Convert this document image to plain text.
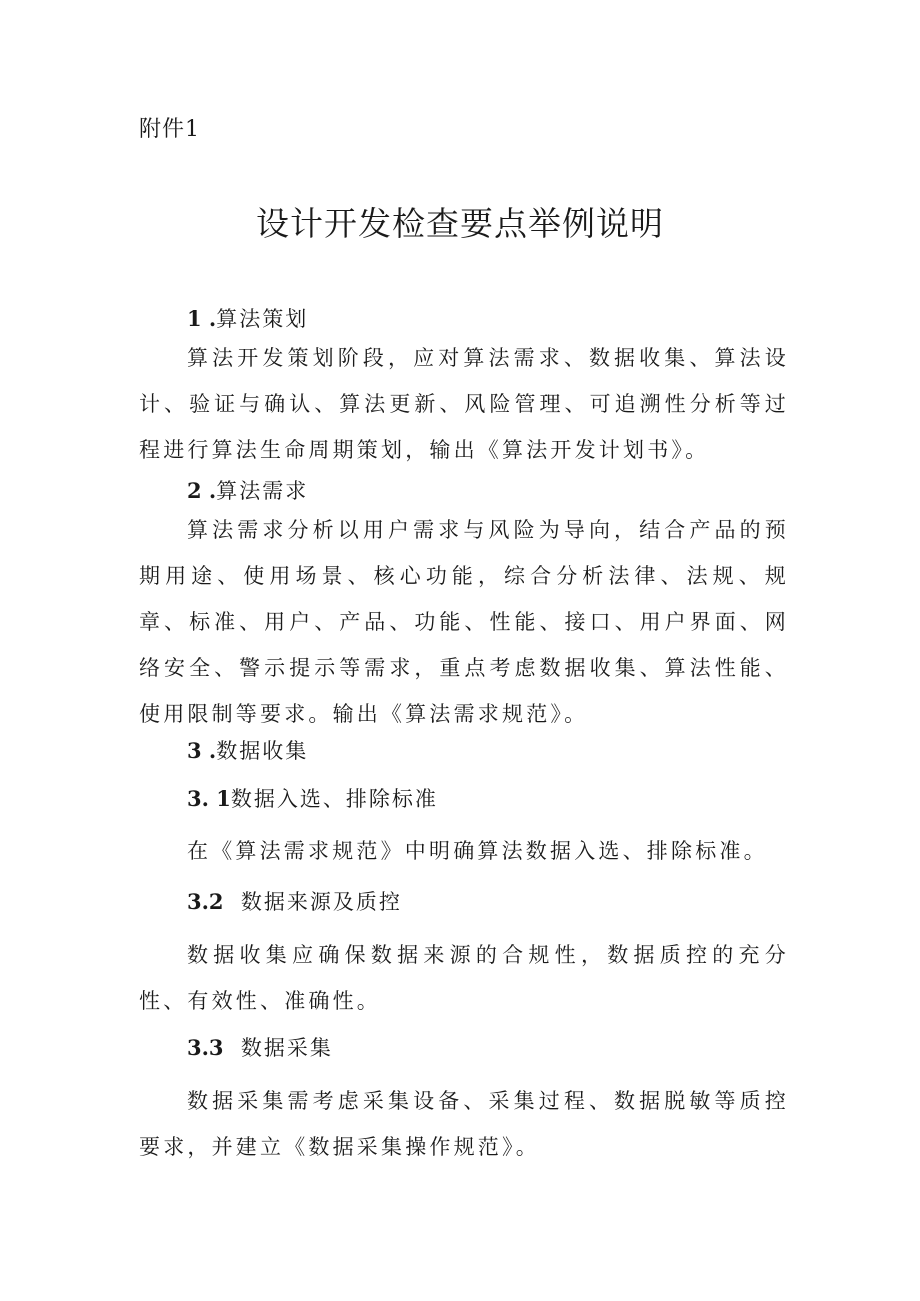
附件1
设计开发检查要点举例说明
1 .算法策划

算法开发策划阶段，应对算法需求、数据收集、算法设计、验证与确认、算法更新、风险管理、可追溯性分析等过程进行算法生命周期策划，输出《算法开发计划书》。

2 .算法需求

算法需求分析以用户需求与风险为导向，结合产品的预期用途、使用场景、核心功能，综合分析法律、法规、规章、标准、用户、产品、功能、性能、接口、用户界面、网络安全、警示提示等需求，重点考虑数据收集、算法性能、使用限制等要求。输出《算法需求规范》。

3 .数据收集
3. 1数据入选、排除标准

在《算法需求规范》中明确算法数据入选、排除标准。

3.2 数据来源及质控

数据收集应确保数据来源的合规性，数据质控的充分性、有效性、准确性。

3.3 数据采集

数据采集需考虑采集设备、采集过程、数据脱敏等质控要求，并建立《数据采集操作规范》。
